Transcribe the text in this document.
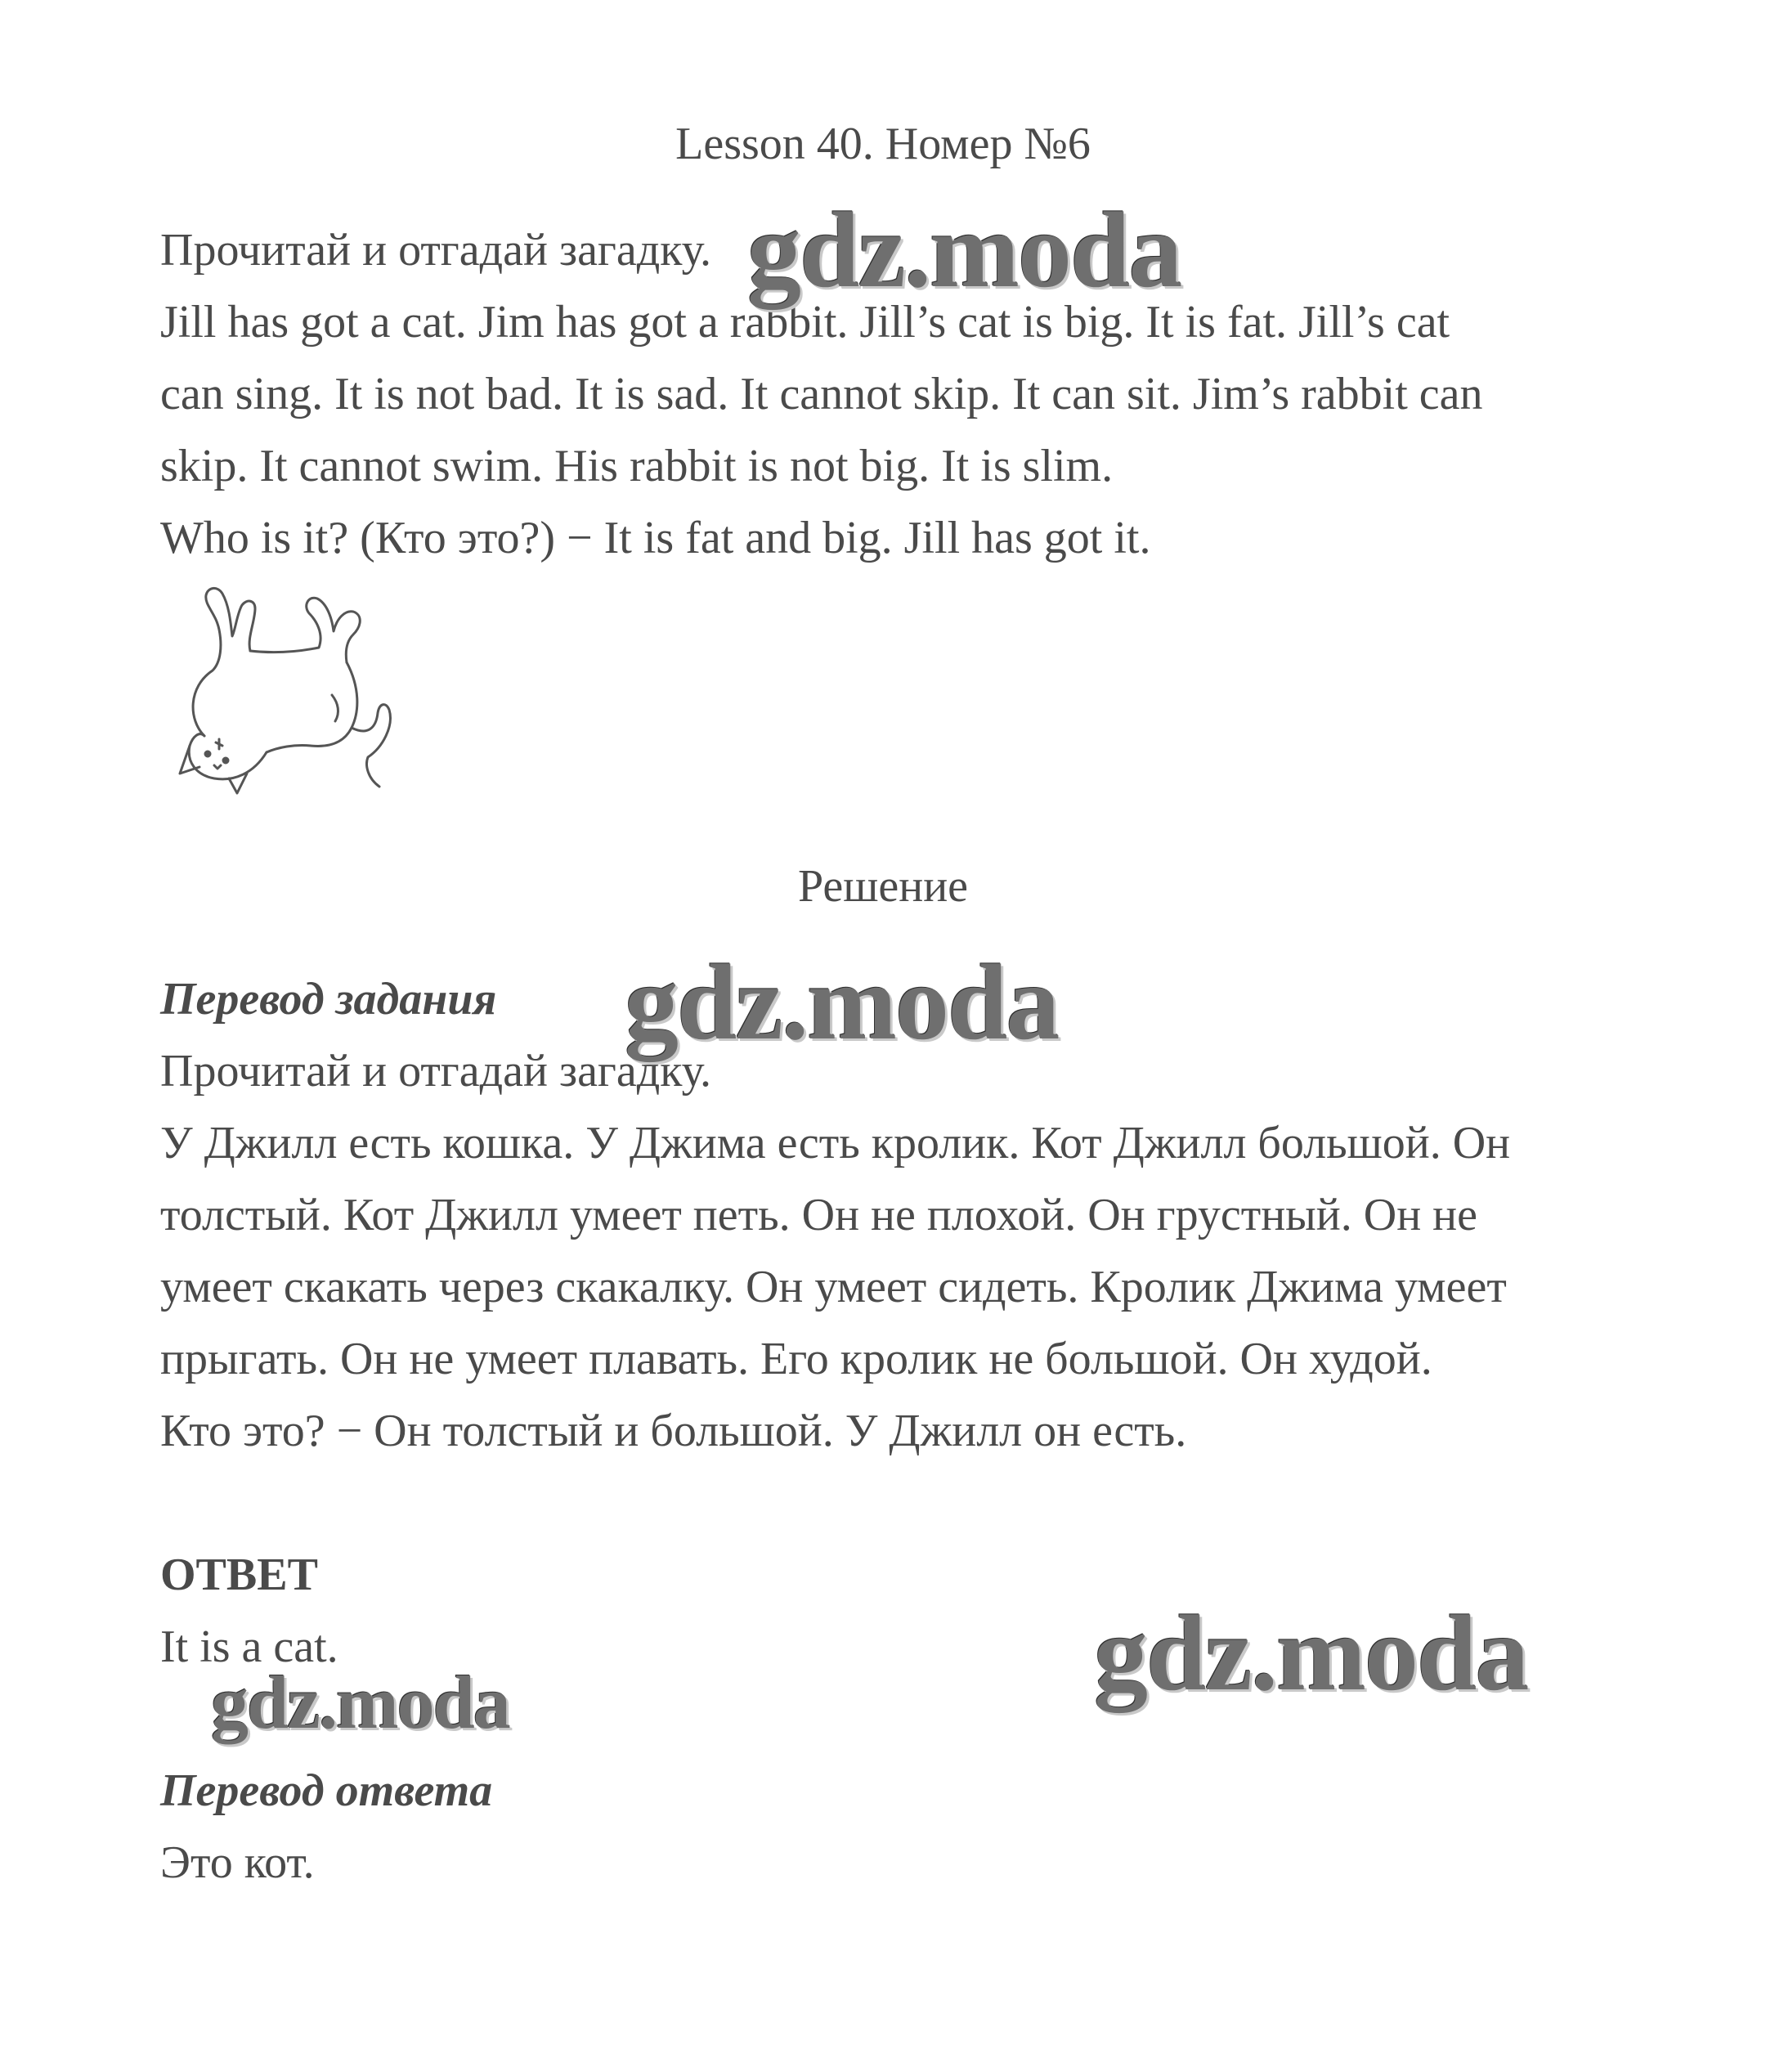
Lesson 40. Номер №6
Прочитай и отгадай загадку.
Jill has got a cat. Jim has got a rabbit. Jill’s cat is big. It is fat. Jill’s cat
can sing. It is not bad. It is sad. It cannot skip. It can sit. Jim’s rabbit can
skip. It cannot swim. His rabbit is not big. It is slim.
Who is it? (Кто это?) − It is fat and big. Jill has got it.
Решение
Перевод задания
Прочитай и отгадай загадку.
У Джилл есть кошка. У Джима есть кролик. Кот Джилл большой. Он
толстый. Кот Джилл умеет петь. Он не плохой. Он грустный. Он не
умеет скакать через скакалку. Он умеет сидеть. Кролик Джима умеет
прыгать. Он не умеет плавать. Его кролик не большой. Он худой.
Кто это? − Он толстый и большой. У Джилл он есть.
ОТВЕТ
It is a cat.
Перевод ответа
Это кот.
gdz.moda
gdz.moda
gdz.moda
gdz.moda
